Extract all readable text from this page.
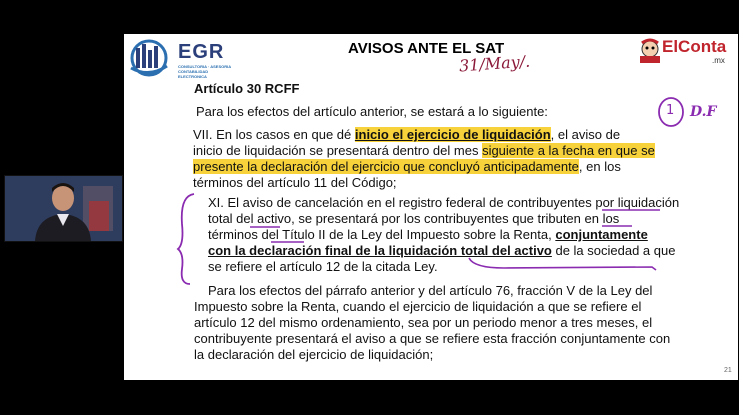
EGR
CONSULTORIA · ASESORIA
CONTABILIDAD ELECTRONICA
AVISOS ANTE EL SAT
31/May/.
ElConta
.mx
Artículo 30 RCFF
Para los efectos del artículo anterior, se estará a lo siguiente:
VII. En los casos en que dé inicio el ejercicio de liquidación, el aviso de
inicio de liquidación se presentará dentro del mes siguiente a la fecha en que se
presente la declaración del ejercicio que concluyó anticipadamente, en los
términos del artículo 11 del Código;
XI. El aviso de cancelación en el registro federal de contribuyentes por liquidación
total del activo, se presentará por los contribuyentes que tributen en los
términos del Título II de la Ley del Impuesto sobre la Renta, conjuntamente
con la declaración final de la liquidación total del activo de la sociedad a que
se refiere el artículo 12 de la citada Ley.
Para los efectos del párrafo anterior y del artículo 76, fracción V de la Ley del
Impuesto sobre la Renta, cuando el ejercicio de liquidación a que se refiere el
artículo 12 del mismo ordenamiento, sea por un periodo menor a tres meses, el
contribuyente presentará el aviso a que se refiere esta fracción conjuntamente con
la declaración del ejercicio de liquidación;
1 D.F
21
